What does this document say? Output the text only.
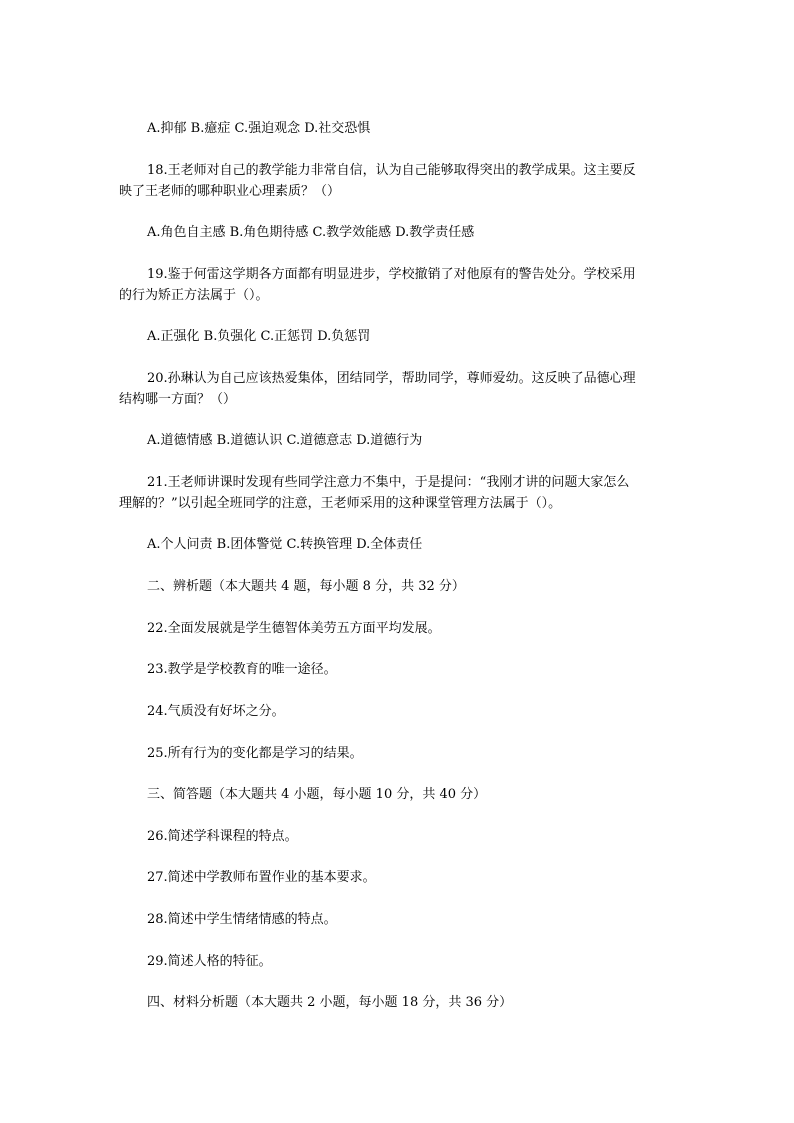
A.抑郁 B.癔症 C.强迫观念 D.社交恐惧
18.王老师对自己的教学能力非常自信，认为自己能够取得突出的教学成果。这主要反
映了王老师的哪种职业心理素质？（）
A.角色自主感 B.角色期待感 C.教学效能感 D.教学责任感
19.鉴于何雷这学期各方面都有明显进步，学校撤销了对他原有的警告处分。学校采用
的行为矫正方法属于（）。
A.正强化 B.负强化 C.正惩罚 D.负惩罚
20.孙琳认为自己应该热爱集体，团结同学，帮助同学，尊师爱幼。这反映了品德心理
结构哪一方面？（）
A.道德情感 B.道德认识 C.道德意志 D.道德行为
21.王老师讲课时发现有些同学注意力不集中，于是提问：“我刚才讲的问题大家怎么
理解的？”以引起全班同学的注意，王老师采用的这种课堂管理方法属于（）。
A.个人问责 B.团体警觉 C.转换管理 D.全体责任
二、辨析题（本大题共 4 题，每小题 8 分，共 32 分）
22.全面发展就是学生德智体美劳五方面平均发展。
23.教学是学校教育的唯一途径。
24.气质没有好坏之分。
25.所有行为的变化都是学习的结果。
三、简答题（本大题共 4 小题，每小题 10 分，共 40 分）
26.简述学科课程的特点。
27.简述中学教师布置作业的基本要求。
28.简述中学生情绪情感的特点。
29.简述人格的特征。
四、材料分析题（本大题共 2 小题，每小题 18 分，共 36 分）
